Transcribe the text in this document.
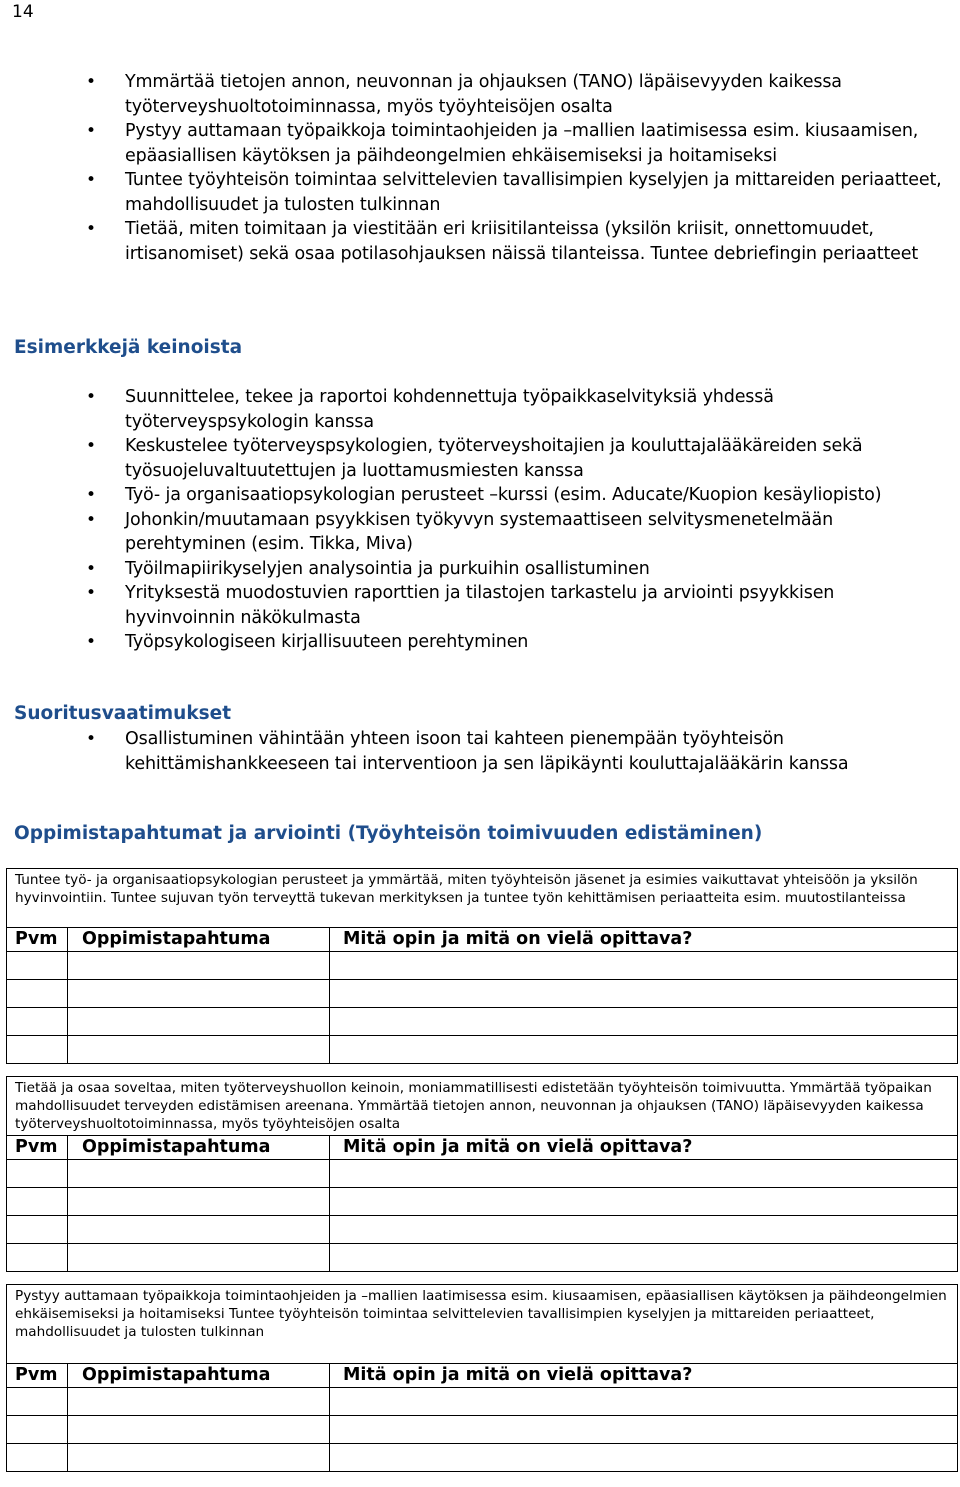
14
• Ymmärtää tietojen annon, neuvonnan ja ohjauksen (TANO) läpäisevyyden kaikessa työterveyshuoltotoiminnassa, myös työyhteisöjen osalta
• Pystyy auttamaan työpaikkoja toimintaohjeiden ja –mallien laatimisessa esim. kiusaamisen, epäasiallisen käytöksen ja päihdeongelmien ehkäisemiseksi ja hoitamiseksi
• Tuntee työyhteisön toimintaa selvittelevien tavallisimpien kyselyjen ja mittareiden periaatteet, mahdollisuudet ja tulosten tulkinnan
• Tietää, miten toimitaan ja viestitään eri kriisitilanteissa (yksilön kriisit, onnettomuudet, irtisanomiset) sekä osaa potilasohjauksen näissä tilanteissa. Tuntee debriefingin periaatteet
Esimerkkejä keinoista
• Suunnittelee, tekee ja raportoi kohdennettuja työpaikkaselvityksiä yhdessä työterveyspsykologin kanssa
• Keskustelee työterveyspsykologien, työterveyshoitajien ja kouluttajalääkäreiden sekä työsuojeluvaltuutettujen ja luottamusmiesten kanssa
• Työ- ja organisaatiopsykologian perusteet –kurssi (esim. Aducate/Kuopion kesäyliopisto)
• Johonkin/muutamaan psyykkisen työkyvyn systemaattiseen selvitysmenetelmään perehtyminen (esim. Tikka, Miva)
• Työilmapiirikyselyjen analysointia ja purkuihin osallistuminen
• Yrityksestä muodostuvien raporttien ja tilastojen tarkastelu ja arviointi psyykkisen hyvinvoinnin näkökulmasta
• Työpsykologiseen kirjallisuuteen perehtyminen
Suoritusvaatimukset
• Osallistuminen vähintään yhteen isoon tai kahteen pienempään työyhteisön kehittämishankkeeseen tai interventioon ja sen läpikäynti kouluttajalääkärin kanssa
Oppimistapahtumat ja arviointi (Työyhteisön toimivuuden edistäminen)
Tuntee työ- ja organisaatiopsykologian perusteet ja ymmärtää, miten työyhteisön jäsenet ja esimies vaikuttavat yhteisöön ja yksilön hyvinvointiin. Tuntee sujuvan työn terveyttä tukevan merkityksen ja tuntee työn kehittämisen periaatteita esim. muutostilanteissa
Pvm	Oppimistapahtuma	Mitä opin ja mitä on vielä opittava?
Tietää ja osaa soveltaa, miten työterveyshuollon keinoin, moniammatillisesti edistetään työyhteisön toimivuutta. Ymmärtää työpaikan mahdollisuudet terveyden edistämisen areenana. Ymmärtää tietojen annon, neuvonnan ja ohjauksen (TANO) läpäisevyyden kaikessa työterveyshuoltotoiminnassa, myös työyhteisöjen osalta
Pvm	Oppimistapahtuma	Mitä opin ja mitä on vielä opittava?
Pystyy auttamaan työpaikkoja toimintaohjeiden ja –mallien laatimisessa esim. kiusaamisen, epäasiallisen käytöksen ja päihdeongelmien ehkäisemiseksi ja hoitamiseksi Tuntee työyhteisön toimintaa selvittelevien tavallisimpien kyselyjen ja mittareiden periaatteet, mahdollisuudet ja tulosten tulkinnan
Pvm	Oppimistapahtuma	Mitä opin ja mitä on vielä opittava?
